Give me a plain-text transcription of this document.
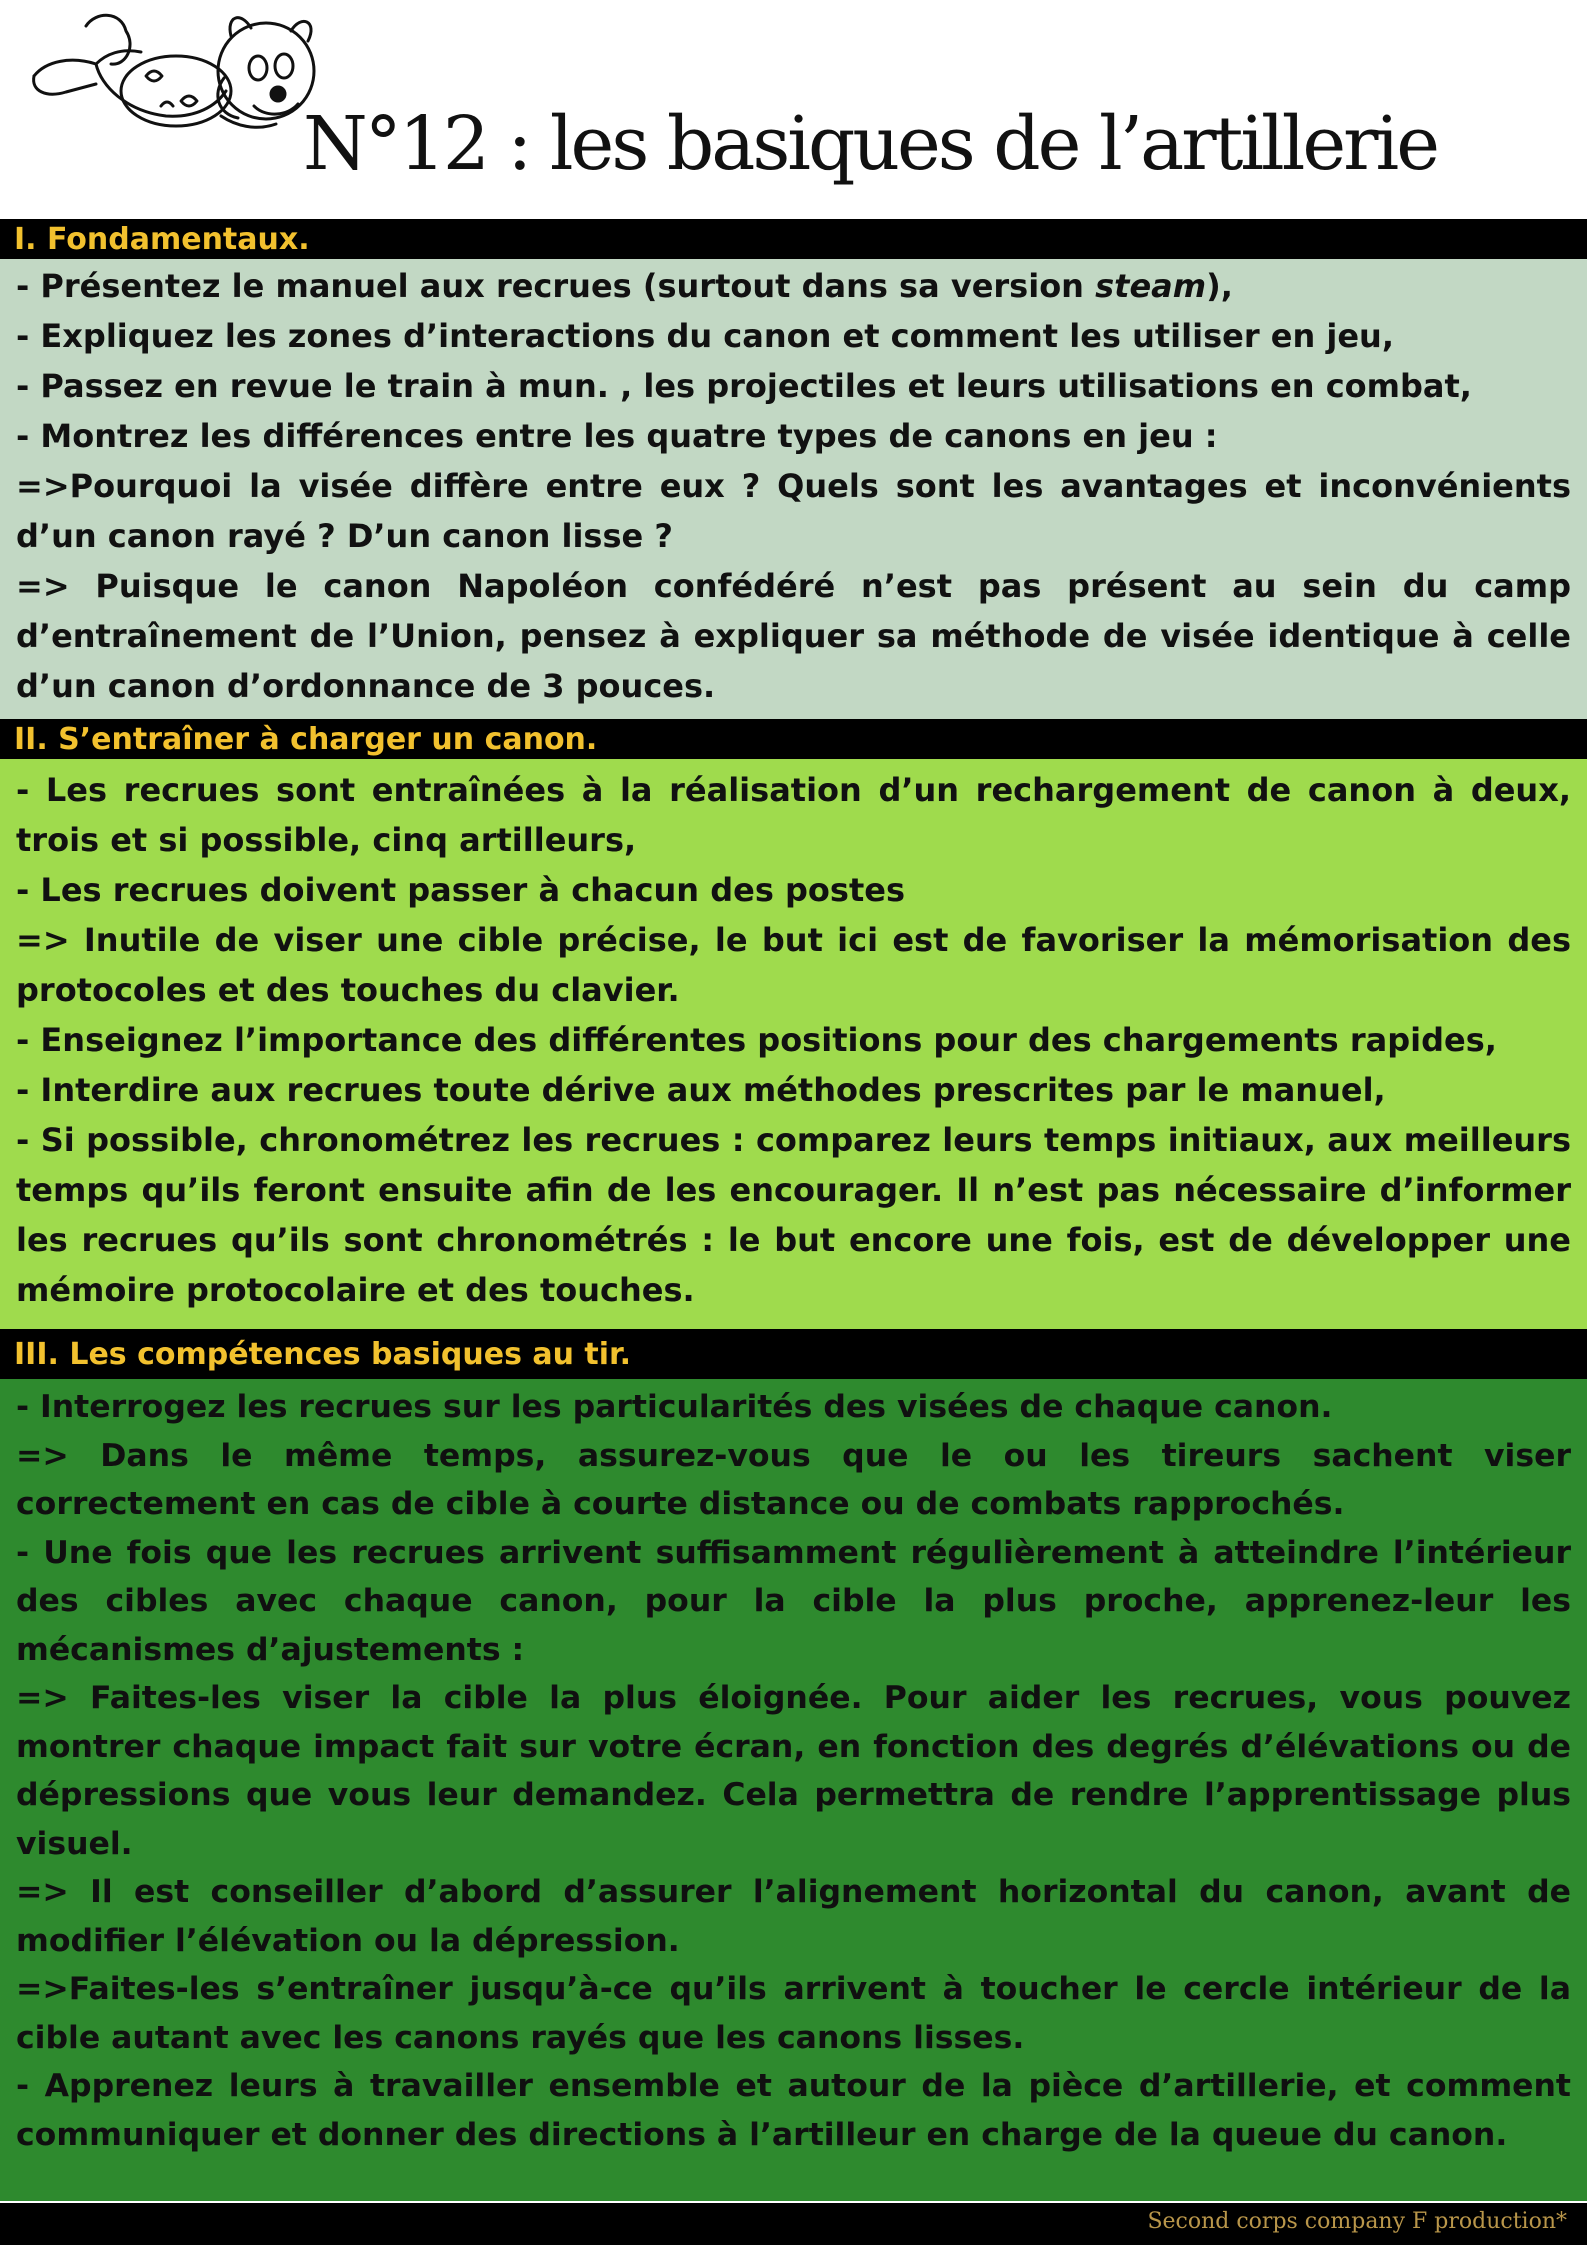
N°12 : les basiques de l’artillerie
I. Fondamentaux.

- Présentez le manuel aux recrues (surtout dans sa version steam),

- Expliquez les zones d’interactions du canon et comment les utiliser en jeu,

- Passez en revue le train à mun. , les projectiles et leurs utilisations en combat,

- Montrez les différences entre les quatre types de canons en jeu :

=>Pourquoi la visée diffère entre eux ? Quels sont les avantages et inconvénients d’un canon rayé ? D’un canon lisse ?

=> Puisque le canon Napoléon confédéré n’est pas présent au sein du camp d’entraînement de l’Union, pensez à expliquer sa méthode de visée identique à celle d’un canon d’ordonnance de 3 pouces.

II. S’entraîner à charger un canon.

- Les recrues sont entraînées à la réalisation d’un rechargement de canon à deux, trois et si possible, cinq artilleurs,

- Les recrues doivent passer à chacun des postes

=> Inutile de viser une cible précise, le but ici est de favoriser la mémorisation des protocoles et des touches du clavier.

- Enseignez l’importance des différentes positions pour des chargements rapides,

- Interdire aux recrues toute dérive aux méthodes prescrites par le manuel,

- Si possible, chronométrez les recrues : comparez leurs temps initiaux, aux meilleurs temps qu’ils feront ensuite afin de les encourager. Il n’est pas nécessaire d’informer les recrues qu’ils sont chronométrés : le but encore une fois, est de développer une mémoire protocolaire et des touches.

III. Les compétences basiques au tir.

- Interrogez les recrues sur les particularités des visées de chaque canon.

=> Dans le même temps, assurez-vous que le ou les tireurs sachent viser correctement en cas de cible à courte distance ou de combats rapprochés.

- Une fois que les recrues arrivent suffisamment régulièrement à atteindre l’intérieur des cibles avec chaque canon, pour la cible la plus proche, apprenez-leur les mécanismes d’ajustements :

=> Faites-les viser la cible la plus éloignée. Pour aider les recrues, vous pouvez montrer chaque impact fait sur votre écran, en fonction des degrés d’élévations ou de dépressions que vous leur demandez. Cela permettra de rendre l’apprentissage plus visuel.

=> Il est conseiller d’abord d’assurer l’alignement horizontal du canon, avant de modifier l’élévation ou la dépression.

=>Faites-les s’entraîner jusqu’à-ce qu’ils arrivent à toucher le cercle intérieur de la cible autant avec les canons rayés que les canons lisses.

- Apprenez leurs à travailler ensemble et autour de la pièce d’artillerie, et comment communiquer et donner des directions à l’artilleur en charge de la queue du canon.

Second corps company F production*
